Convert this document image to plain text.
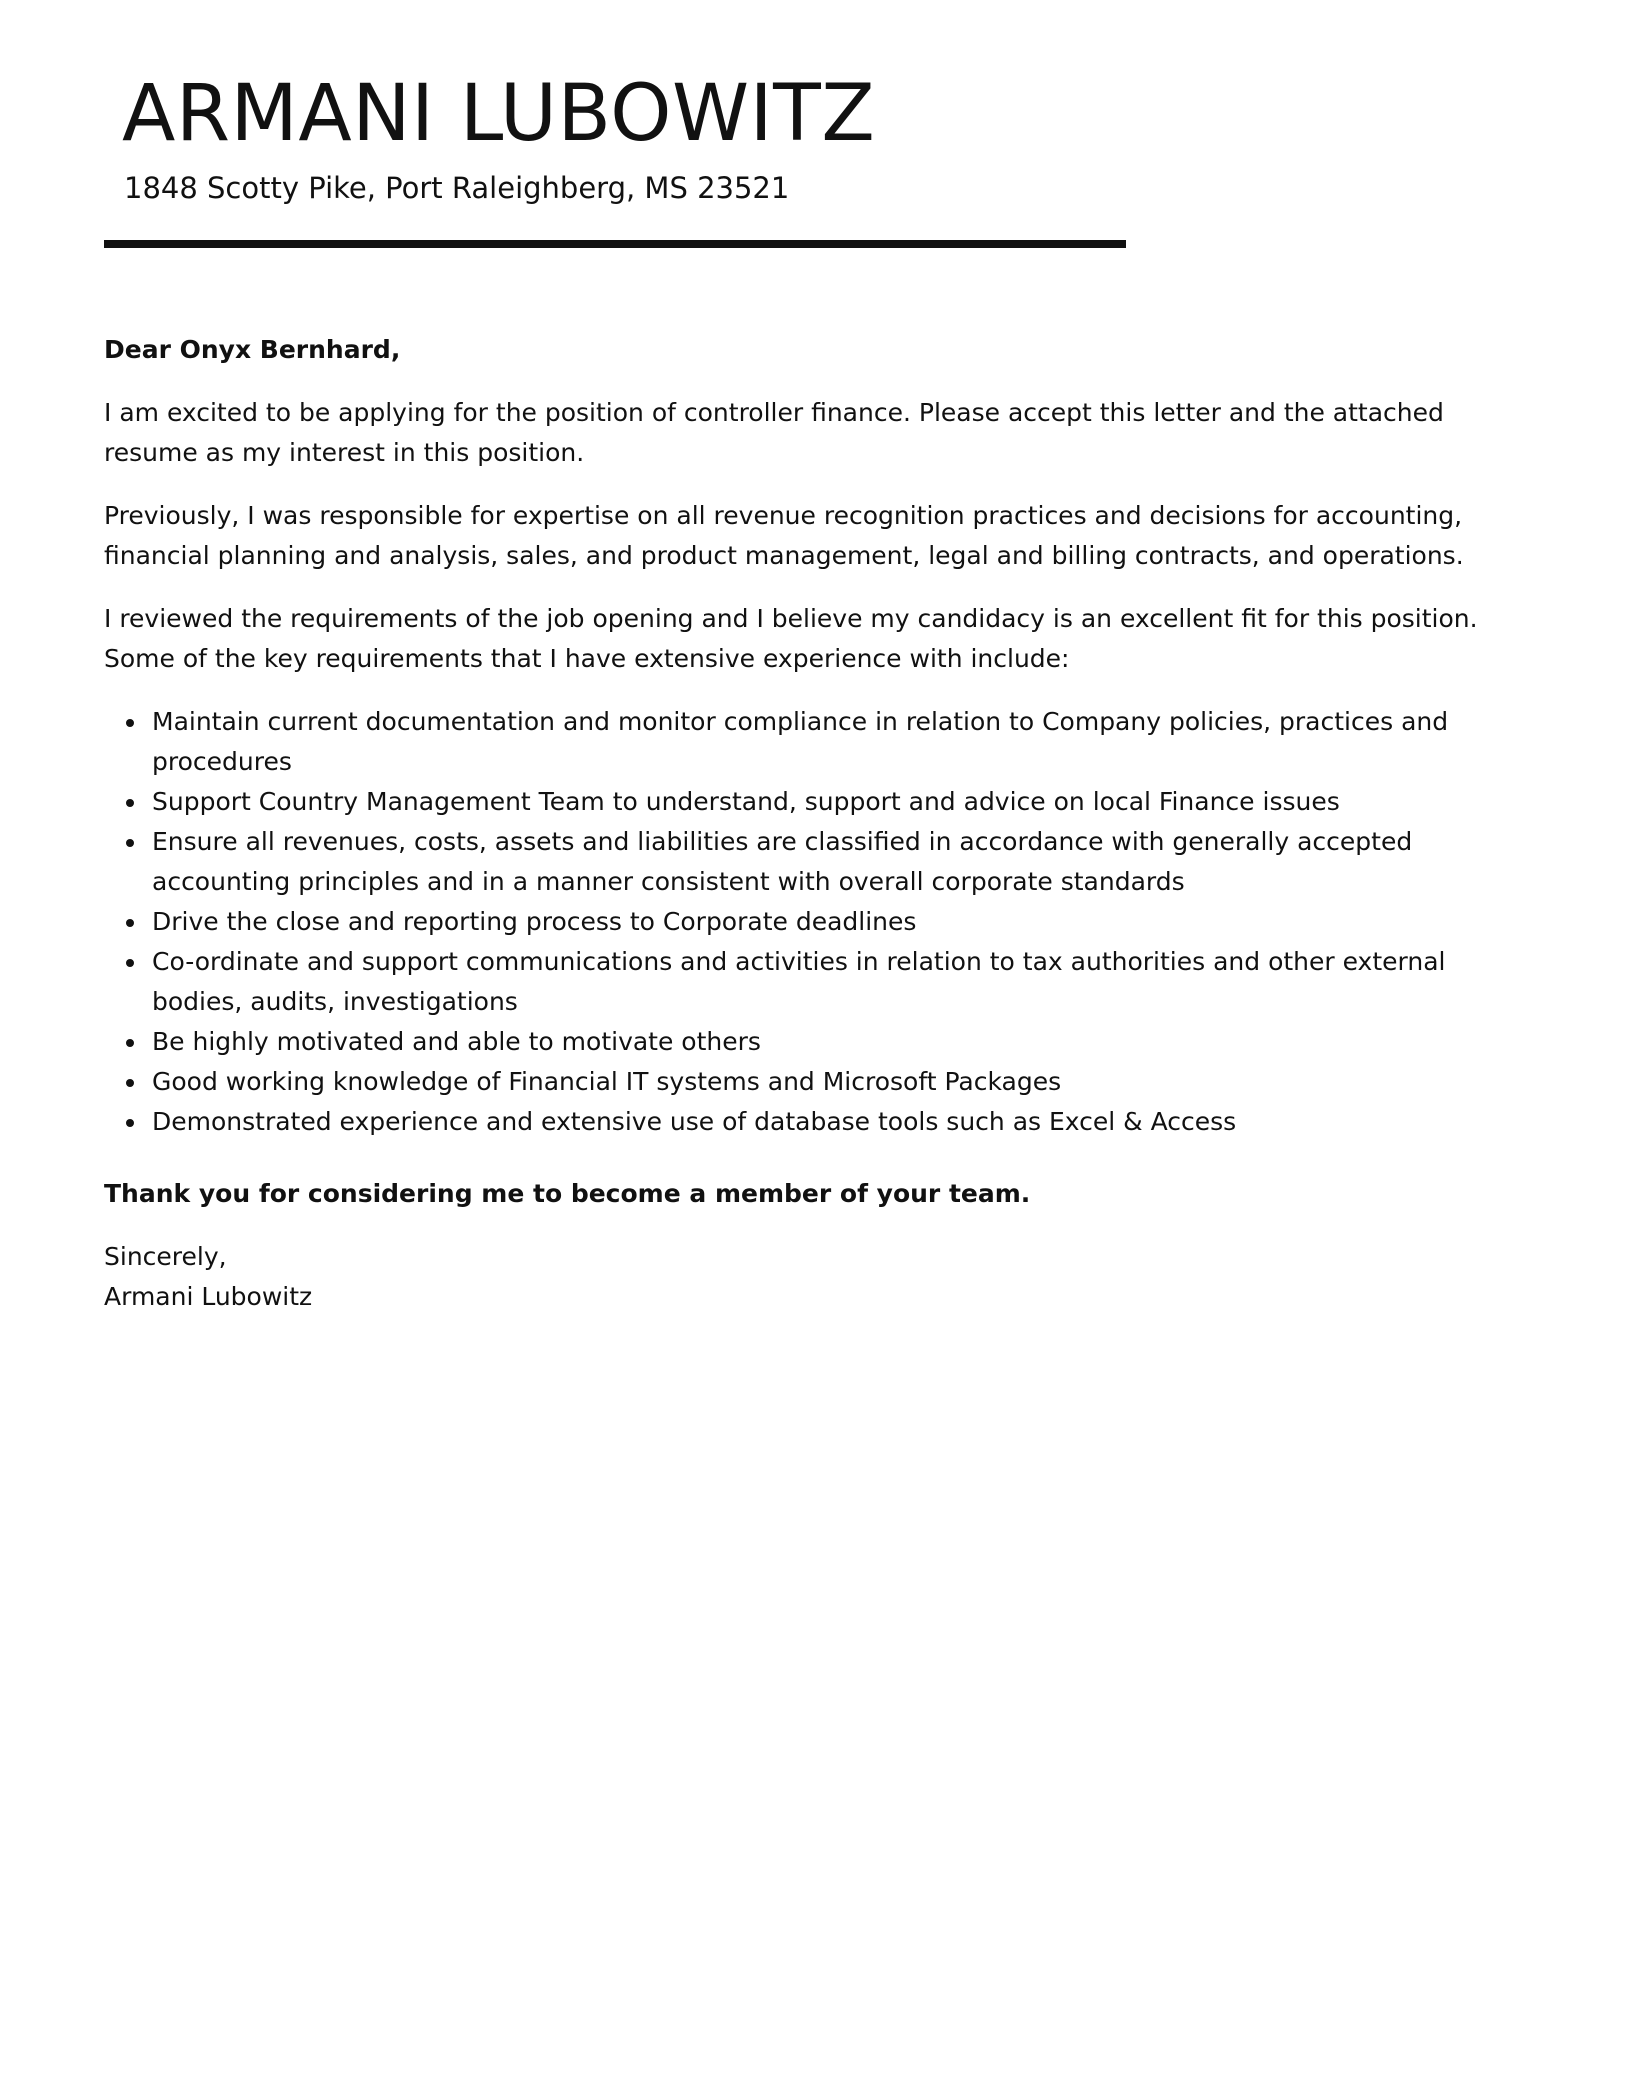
ARMANI LUBOWITZ

1848 Scotty Pike, Port Raleighberg, MS 23521

Dear Onyx Bernhard,

I am excited to be applying for the position of controller finance. Please accept this letter and the attached resume as my interest in this position.

Previously, I was responsible for expertise on all revenue recognition practices and decisions for accounting, financial planning and analysis, sales, and product management, legal and billing contracts, and operations.

I reviewed the requirements of the job opening and I believe my candidacy is an excellent fit for this position. Some of the key requirements that I have extensive experience with include:

Maintain current documentation and monitor compliance in relation to Company policies, practices and procedures
Support Country Management Team to understand, support and advice on local Finance issues
Ensure all revenues, costs, assets and liabilities are classified in accordance with generally accepted accounting principles and in a manner consistent with overall corporate standards
Drive the close and reporting process to Corporate deadlines
Co-ordinate and support communications and activities in relation to tax authorities and other external bodies, audits, investigations
Be highly motivated and able to motivate others
Good working knowledge of Financial IT systems and Microsoft Packages
Demonstrated experience and extensive use of database tools such as Excel & Access

Thank you for considering me to become a member of your team.

Sincerely,

Armani Lubowitz
